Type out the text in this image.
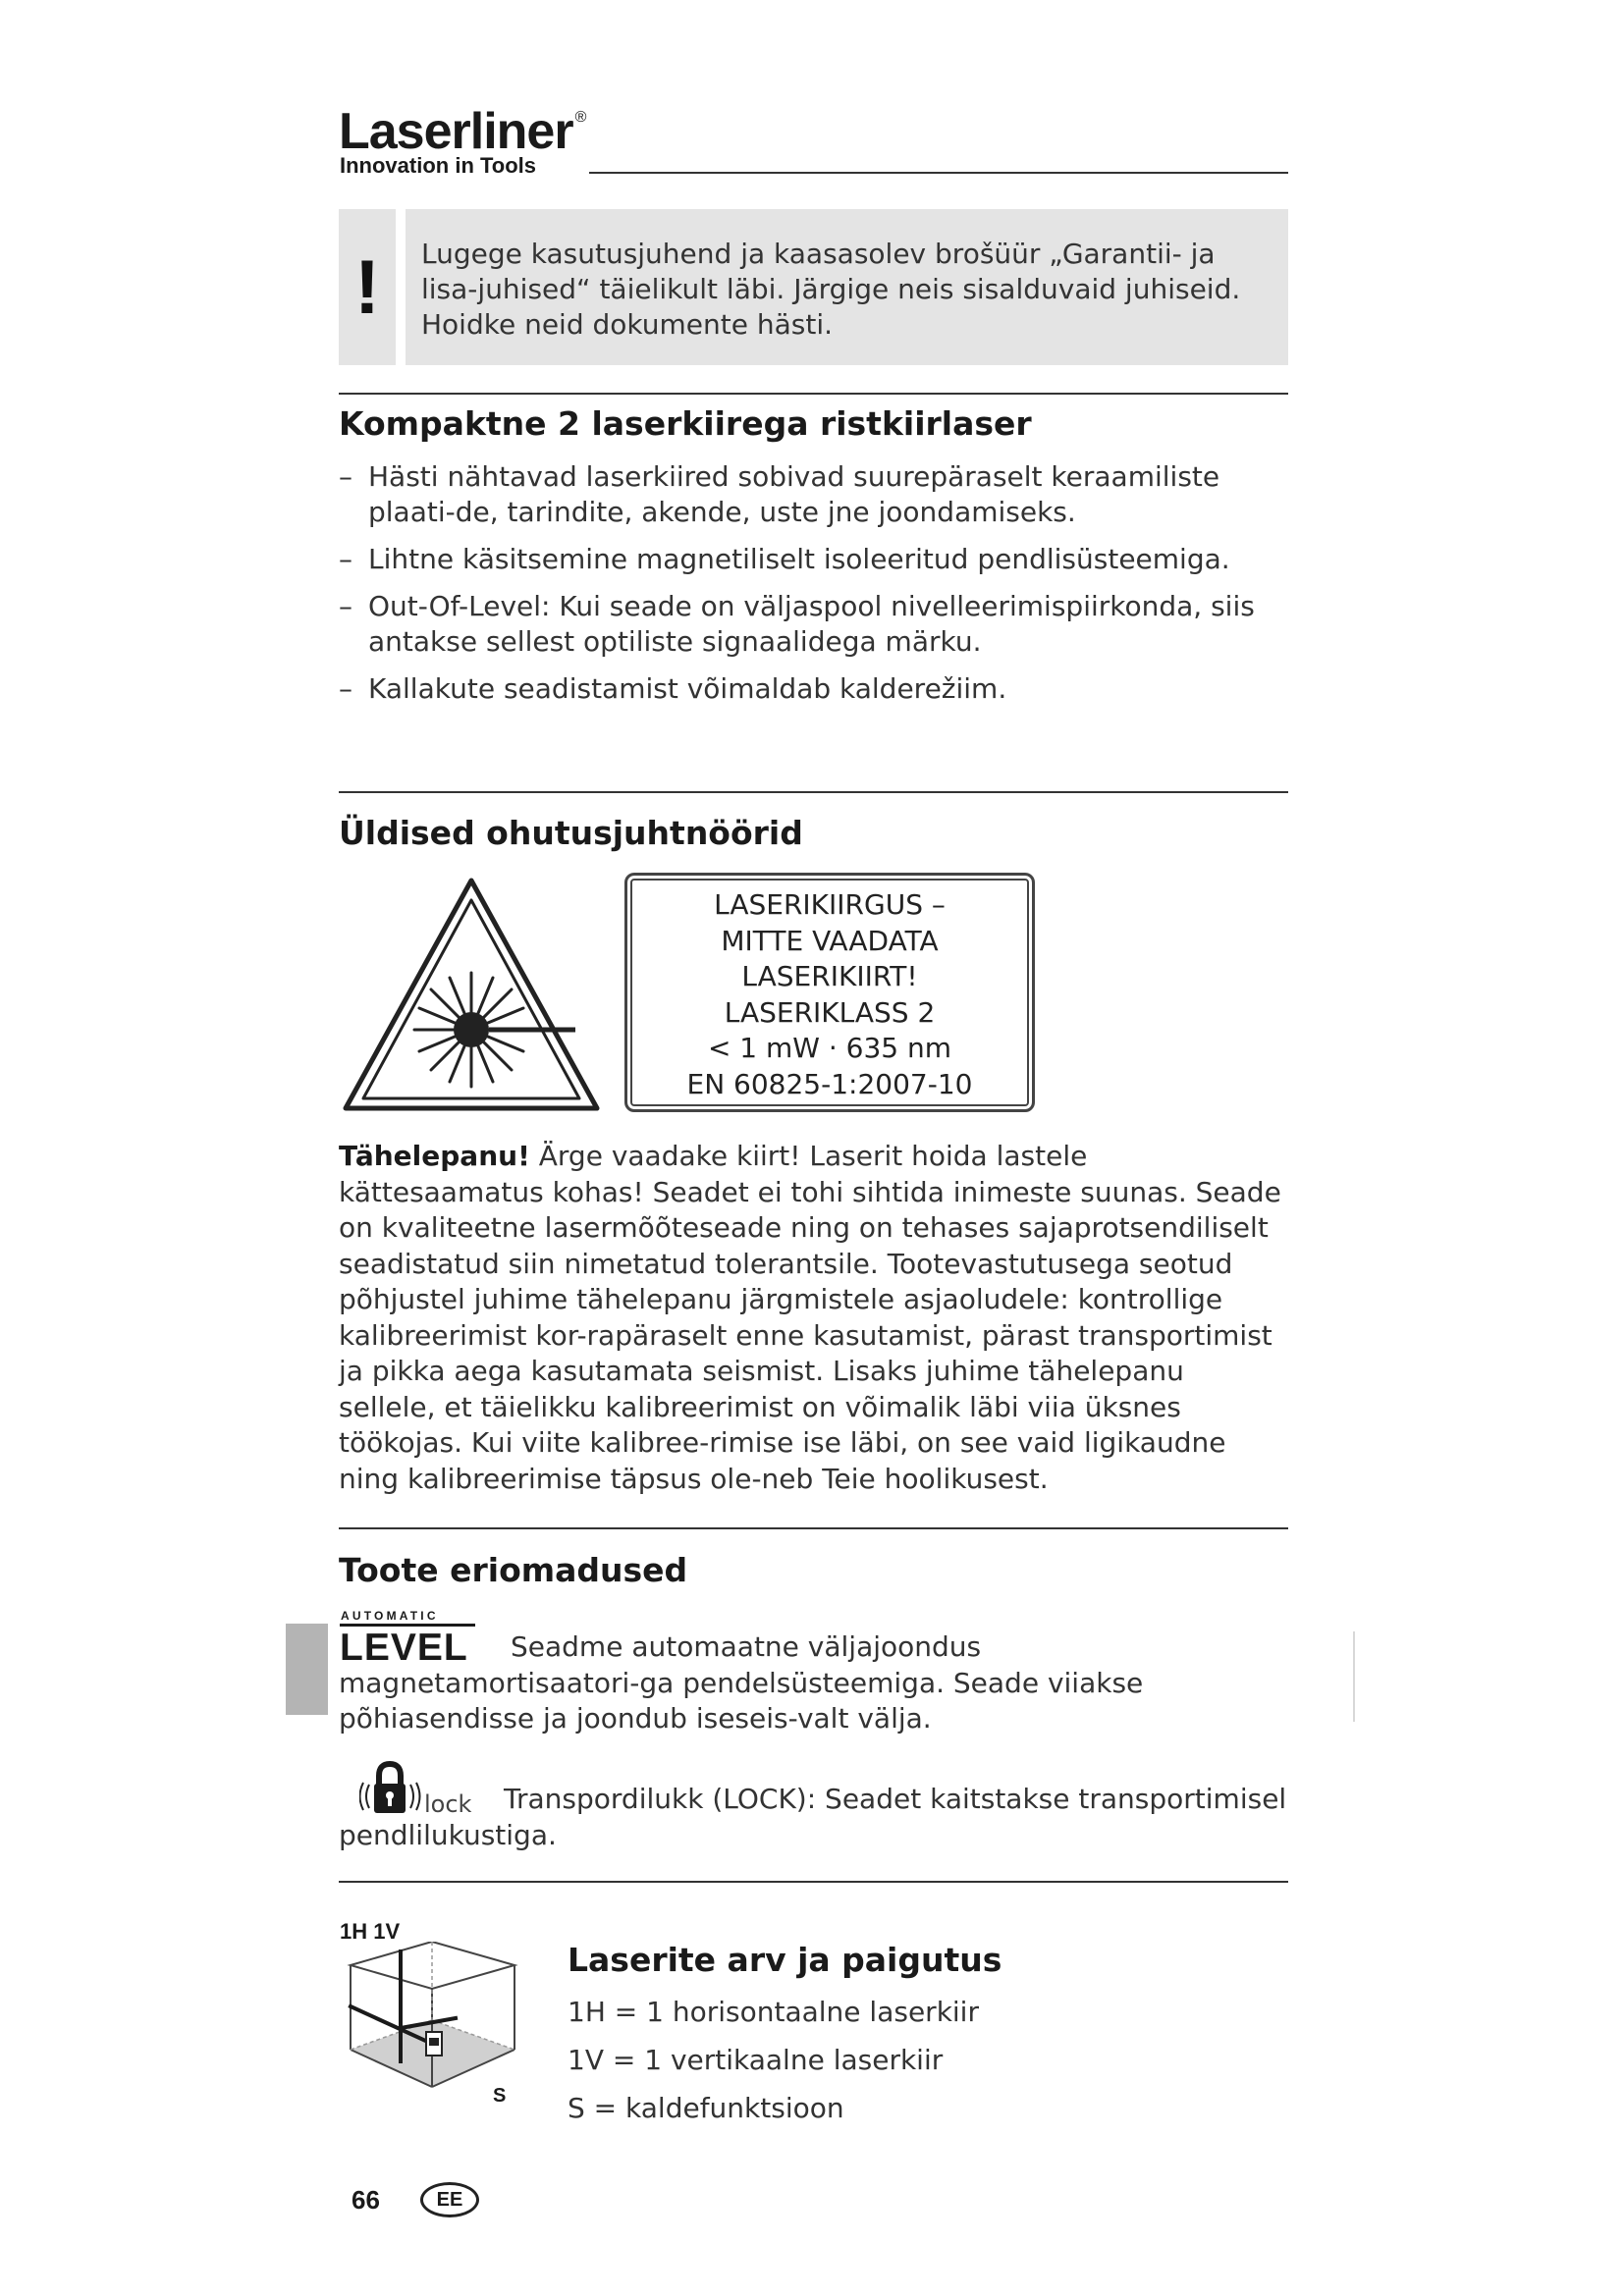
Laserliner ®
Innovation in Tools
!	Lugege kasutusjuhend ja kaasasolev brošüür „Garantii- ja lisa-juhised“ täielikult läbi. Järgige neis sisalduvaid juhiseid. Hoidke neid dokumente hästi.
Kompaktne 2 laserkiirega ristkiirlaser
– Hästi nähtavad laserkiired sobivad suurepäraselt keraamiliste plaati-de, tarindite, akende, uste jne joondamiseks.
– Lihtne käsitsemine magnetiliselt isoleeritud pendlisüsteemiga.
– Out-Of-Level: Kui seade on väljaspool nivelleerimispiirkonda, siis antakse sellest optiliste signaalidega märku.
– Kallakute seadistamist võimaldab kalderežiim.
Üldised ohutusjuhtnöörid
LASERIKIIRGUS –
MITTE VAADATA
LASERIKIIRT!
LASERIKLASS 2
< 1 mW · 635 nm
EN 60825-1:2007-10
Tähelepanu! Ärge vaadake kiirt! Laserit hoida lastele kättesaamatus kohas! Seadet ei tohi sihtida inimeste suunas. Seade on kvaliteetne lasermõõteseade ning on tehases sajaprotsendiliselt seadistatud siin nimetatud tolerantsile. Tootevastutusega seotud põhjustel juhime tähelepanu järgmistele asjaoludele: kontrollige kalibreerimist kor-rapäraselt enne kasutamist, pärast transportimist ja pikka aega kasutamata seismist. Lisaks juhime tähelepanu sellele, et täielikku kalibreerimist on võimalik läbi viia üksnes töökojas. Kui viite kalibree-rimise ise läbi, on see vaid ligikaudne ning kalibreerimise täpsus ole-neb Teie hoolikusest.
Toote eriomadused
AUTOMATIC
LEVEL	Seadme automaatne väljajoondus magnetamortisaatori-ga pendelsüsteemiga. Seade viiakse põhiasendisse ja joondub iseseis-valt välja.
lock	Transpordilukk (LOCK): Seadet kaitstakse transportimisel pendlilukustiga.
1H 1V
S
Laserite arv ja paigutus
1H = 1 horisontaalne laserkiir
1V = 1 vertikaalne laserkiir
S = kaldefunktsioon
66	EE
